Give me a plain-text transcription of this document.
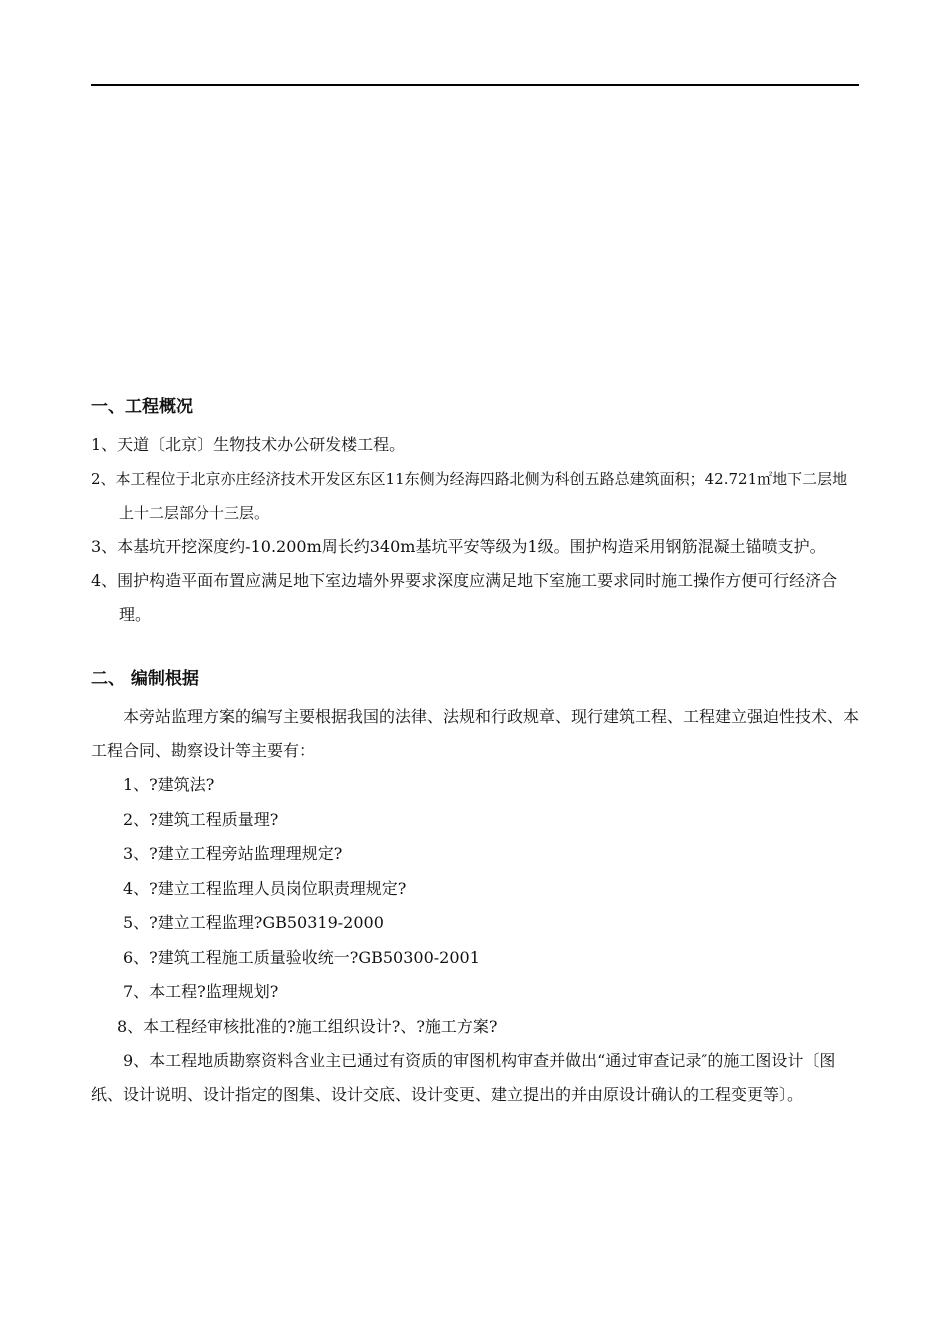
一、工程概况

1、天道〔北京〕生物技术办公研发楼工程。

2、本工程位于北京亦庄经济技术开发区东区11东侧为经海四路北侧为科创五路总建筑面积；42.721㎡地下二层地上十二层部分十三层。

3、本基坑开挖深度约-10.200m周长约340m基坑平安等级为1级。围护构造采用钢筋混凝土锚喷支护。

4、围护构造平面布置应满足地下室边墙外界要求深度应满足地下室施工要求同时施工操作方便可行经济合理。

二、 编制根据

本旁站监理方案的编写主要根据我国的法律、法规和行政规章、现行建筑工程、工程建立强迫性技术、本工程合同、勘察设计等主要有：

1、?建筑法?

2、?建筑工程质量理?

3、?建立工程旁站监理理规定?

4、?建立工程监理人员岗位职责理规定?

5、?建立工程监理?GB50319-2000

6、?建筑工程施工质量验收统一?GB50300-2001

7、本工程?监理规划?

8、本工程经审核批准的?施工组织设计?、?施工方案?

9、本工程地质勘察资料含业主已通过有资质的审图机构审查并做出“通过审查记录″的施工图设计〔图纸、设计说明、设计指定的图集、设计交底、设计变更、建立提出的并由原设计确认的工程变更等〕。
